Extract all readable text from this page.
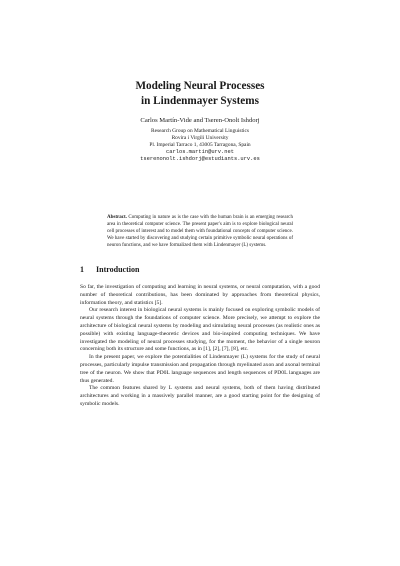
Modeling Neural Processes
in Lindenmayer Systems
Carlos Martín-Vide and Tseren-Onolt Ishdorj
Research Group on Mathematical Linguistics
Rovira i Virgili University
Pl. Imperial Tarraco 1, 43005 Tarragona, Spain
carlos.martin@urv.net
tserenonolt.ishdorj@estudiants.urv.es
Abstract. Computing in nature as is the case with the human brain is an emerging research area in theoretical computer science. The present paper's aim is to explore biological neural cell processes of interest and to model them with foundational concepts of computer science. We have started by discovering and studying certain primitive symbolic neural operations of neuron functions, and we have formalized them with Lindenmayer (L) systems.
1 Introduction

So far, the investigation of computing and learning in neural systems, or neural computation, with a good number of theoretical contributions, has been dominated by approaches from theoretical physics, information theory, and statistics [5].

Our research interest in biological neural systems is mainly focused on exploring symbolic models of neural systems through the foundations of computer science. More precisely, we attempt to explore the architecture of biological neural systems by modeling and simulating neural processes (as realistic ones as possible) with existing language-theoretic devices and bio-inspired computing techniques. We have investigated the modeling of neural processes studying, for the moment, the behavior of a single neuron concerning both its structure and some functions, as in [1], [2], [7], [8], etc.

In the present paper, we explore the potentialities of Lindenmayer (L) systems for the study of neural processes, particularly impulse transmission and propagation through myelinated axon and axonal terminal tree of the neuron. We show that PD0L language sequences and length sequences of PD0L languages are thus generated.

The common features shared by L systems and neural systems, both of them having distributed architectures and working in a massively parallel manner, are a good starting point for the designing of symbolic models.
